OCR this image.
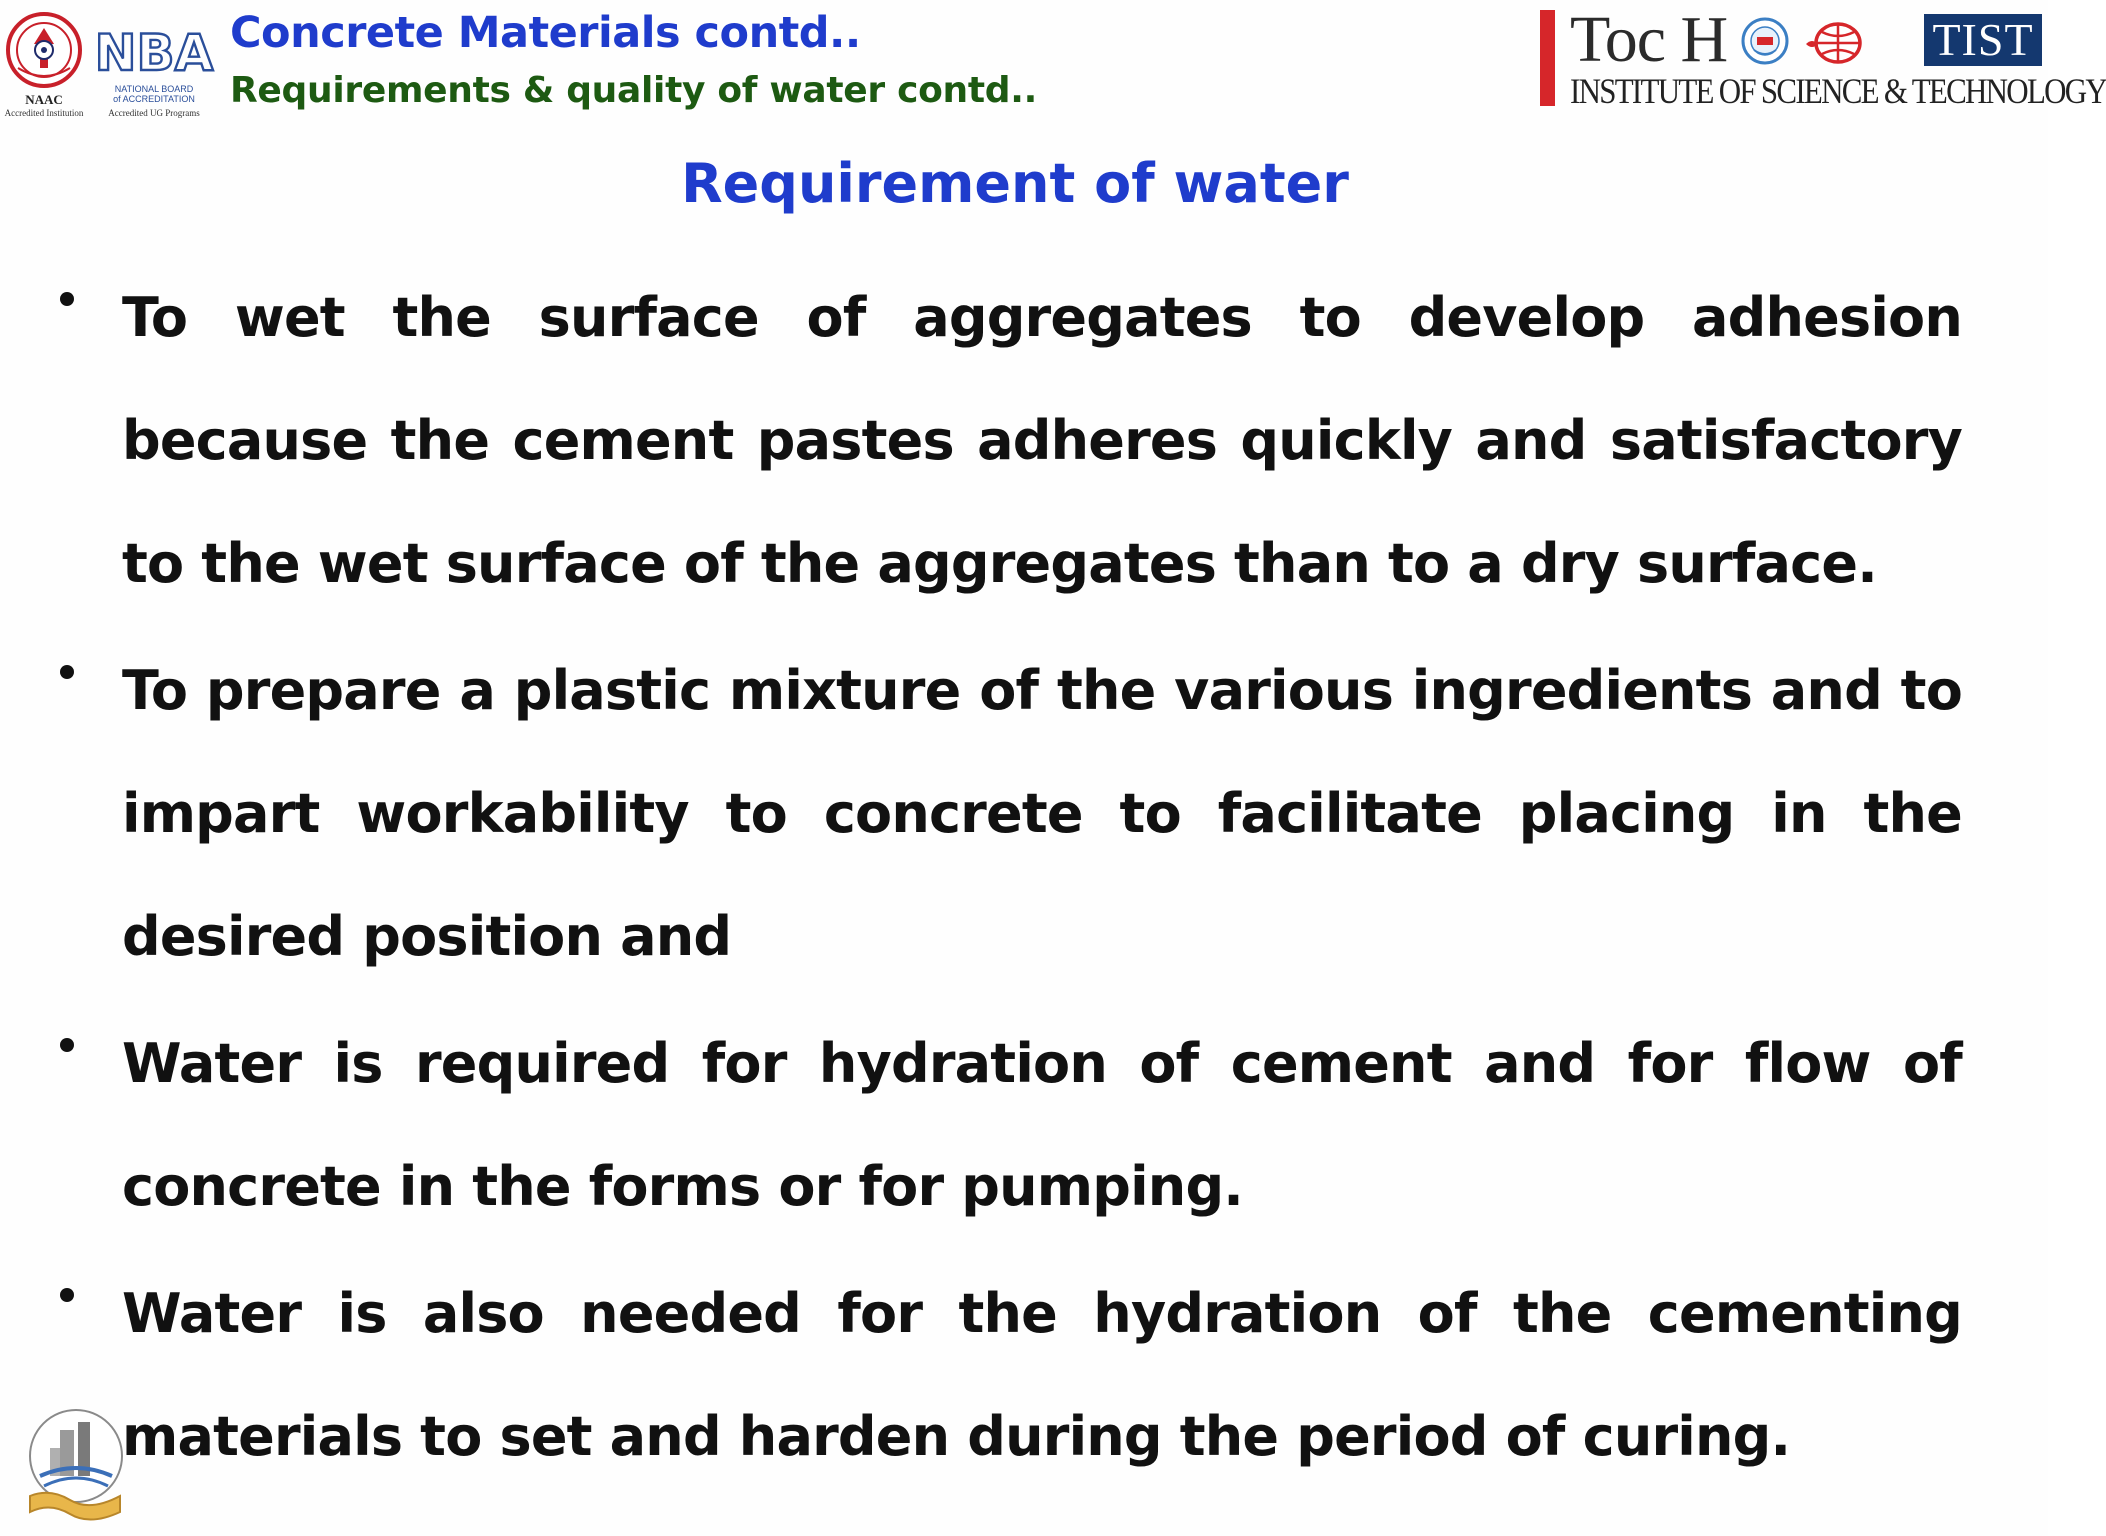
NAAC
Accredited Institution
NBA
NATIONAL BOARD
of ACCREDITATION
Accredited UG Programs
Concrete Materials contd..
Requirements & quality of water contd..
Toc H	TIST
INSTITUTE OF SCIENCE & TECHNOLOGY
Requirement of water
To wet the surface of aggregates to develop adhesion because the cement pastes adheres quickly and satisfactory to the wet surface of the aggregates than to a dry surface.
To prepare a plastic mixture of the various ingredients and to impart workability to concrete to facilitate placing in the desired position and
Water is required for hydration of cement and for flow of concrete in the forms or for pumping.
Water is also needed for the hydration of the cementing materials to set and harden during the period of curing.
